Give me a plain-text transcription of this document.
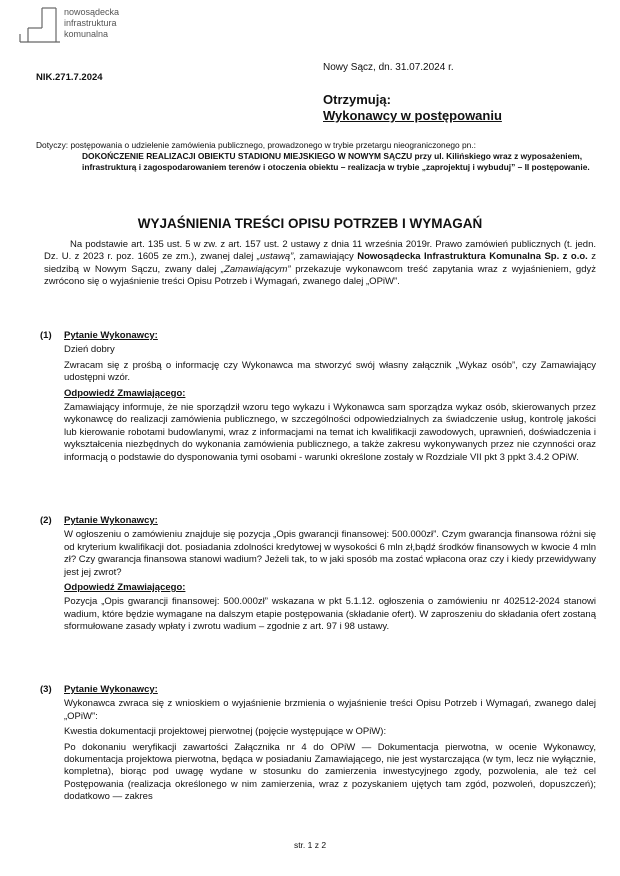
nowosądecka
infrastruktura
komunalna
NIK.271.7.2024
Nowy Sącz, dn. 31.07.2024 r.
Otrzymują:
Wykonawcy w postępowaniu
Dotyczy: postępowania o udzielenie zamówienia publicznego, prowadzonego w trybie przetargu nieograniczonego pn.:
DOKOŃCZENIE REALIZACJI OBIEKTU STADIONU MIEJSKIEGO W NOWYM SĄCZU przy ul. Kilińskiego wraz z wyposażeniem, infrastrukturą i zagospodarowaniem terenów i otoczenia obiektu – realizacja w trybie „zaprojektuj i wybuduj” – II postępowanie.
WYJAŚNIENIA TREŚCI OPISU POTRZEB I WYMAGAŃ
Na podstawie art. 135 ust. 5 w zw. z art. 157 ust. 2 ustawy z dnia 11 września 2019r. Prawo zamówień publicznych (t. jedn. Dz. U. z 2023 r. poz. 1605 ze zm.), zwanej dalej „ustawą”, zamawiający Nowosądecka Infrastruktura Komunalna Sp. z o.o. z siedzibą w Nowym Sączu, zwany dalej „Zamawiającym” przekazuje wykonawcom treść zapytania wraz z wyjaśnieniem, gdyż zwrócono się o wyjaśnienie treści Opisu Potrzeb i Wymagań, zwanego dalej „OPiW”.
(1) Pytanie Wykonawcy:

Dzień dobry

Zwracam się z prośbą o informację czy Wykonawca ma stworzyć swój własny załącznik „Wykaz osób”, czy Zamawiający udostępni wzór.

Odpowiedź Zmawiającego:

Zamawiający informuje, że nie sporządził wzoru tego wykazu i Wykonawca sam sporządza wykaz osób, skierowanych przez wykonawcę do realizacji zamówienia publicznego, w szczególności odpowiedzialnych za świadczenie usług, kontrolę jakości lub kierowanie robotami budowlanymi, wraz z informacjami na temat ich kwalifikacji zawodowych, uprawnień, doświadczenia i wykształcenia niezbędnych do wykonania zamówienia publicznego, a także zakresu wykonywanych przez nie czynności oraz informacją o podstawie do dysponowania tymi osobami - warunki określone zostały w Rozdziale VII pkt 3 ppkt 3.4.2 OPiW.

(2) Pytanie Wykonawcy:

W ogłoszeniu o zamówieniu znajduje się pozycja „Opis gwarancji finansowej: 500.000zł”. Czym gwarancja finansowa różni się od kryterium kwalifikacji dot. posiadania zdolności kredytowej w wysokości 6 mln zł,bądź środków finansowych w kwocie 4 mln zł? Czy gwarancja finansowa stanowi wadium? Jeżeli tak, to w jaki sposób ma zostać wpłacona oraz czy i kiedy przewidywany jest jej zwrot?

Odpowiedź Zmawiającego:

Pozycja „Opis gwarancji finansowej: 500.000zł” wskazana w pkt 5.1.12. ogłoszenia o zamówieniu nr 402512-2024 stanowi wadium, które będzie wymagane na dalszym etapie postępowania (składanie ofert). W zaproszeniu do składania ofert zostaną sformułowane zasady wpłaty i zwrotu wadium – zgodnie z art. 97 i 98 ustawy.

(3) Pytanie Wykonawcy:

Wykonawca zwraca się z wnioskiem o wyjaśnienie brzmienia o wyjaśnienie treści Opisu Potrzeb i Wymagań, zwanego dalej „OPiW”:

Kwestia dokumentacji projektowej pierwotnej (pojęcie występujące w OPiW):

Po dokonaniu weryfikacji zawartości Załącznika nr 4 do OPiW — Dokumentacja pierwotna, w ocenie Wykonawcy, dokumentacja projektowa pierwotna, będąca w posiadaniu Zamawiającego, nie jest wystarczająca (w tym, lecz nie wyłącznie, kompletna), biorąc pod uwagę wydane w stosunku do zamierzenia inwestycyjnego zgody, pozwolenia, ale też cel Postępowania (realizacja określonego w nim zamierzenia, wraz z pozyskaniem ujętych tam zgód, pozwoleń, dopuszczeń); dodatkowo — zakres

str. 1 z 2
